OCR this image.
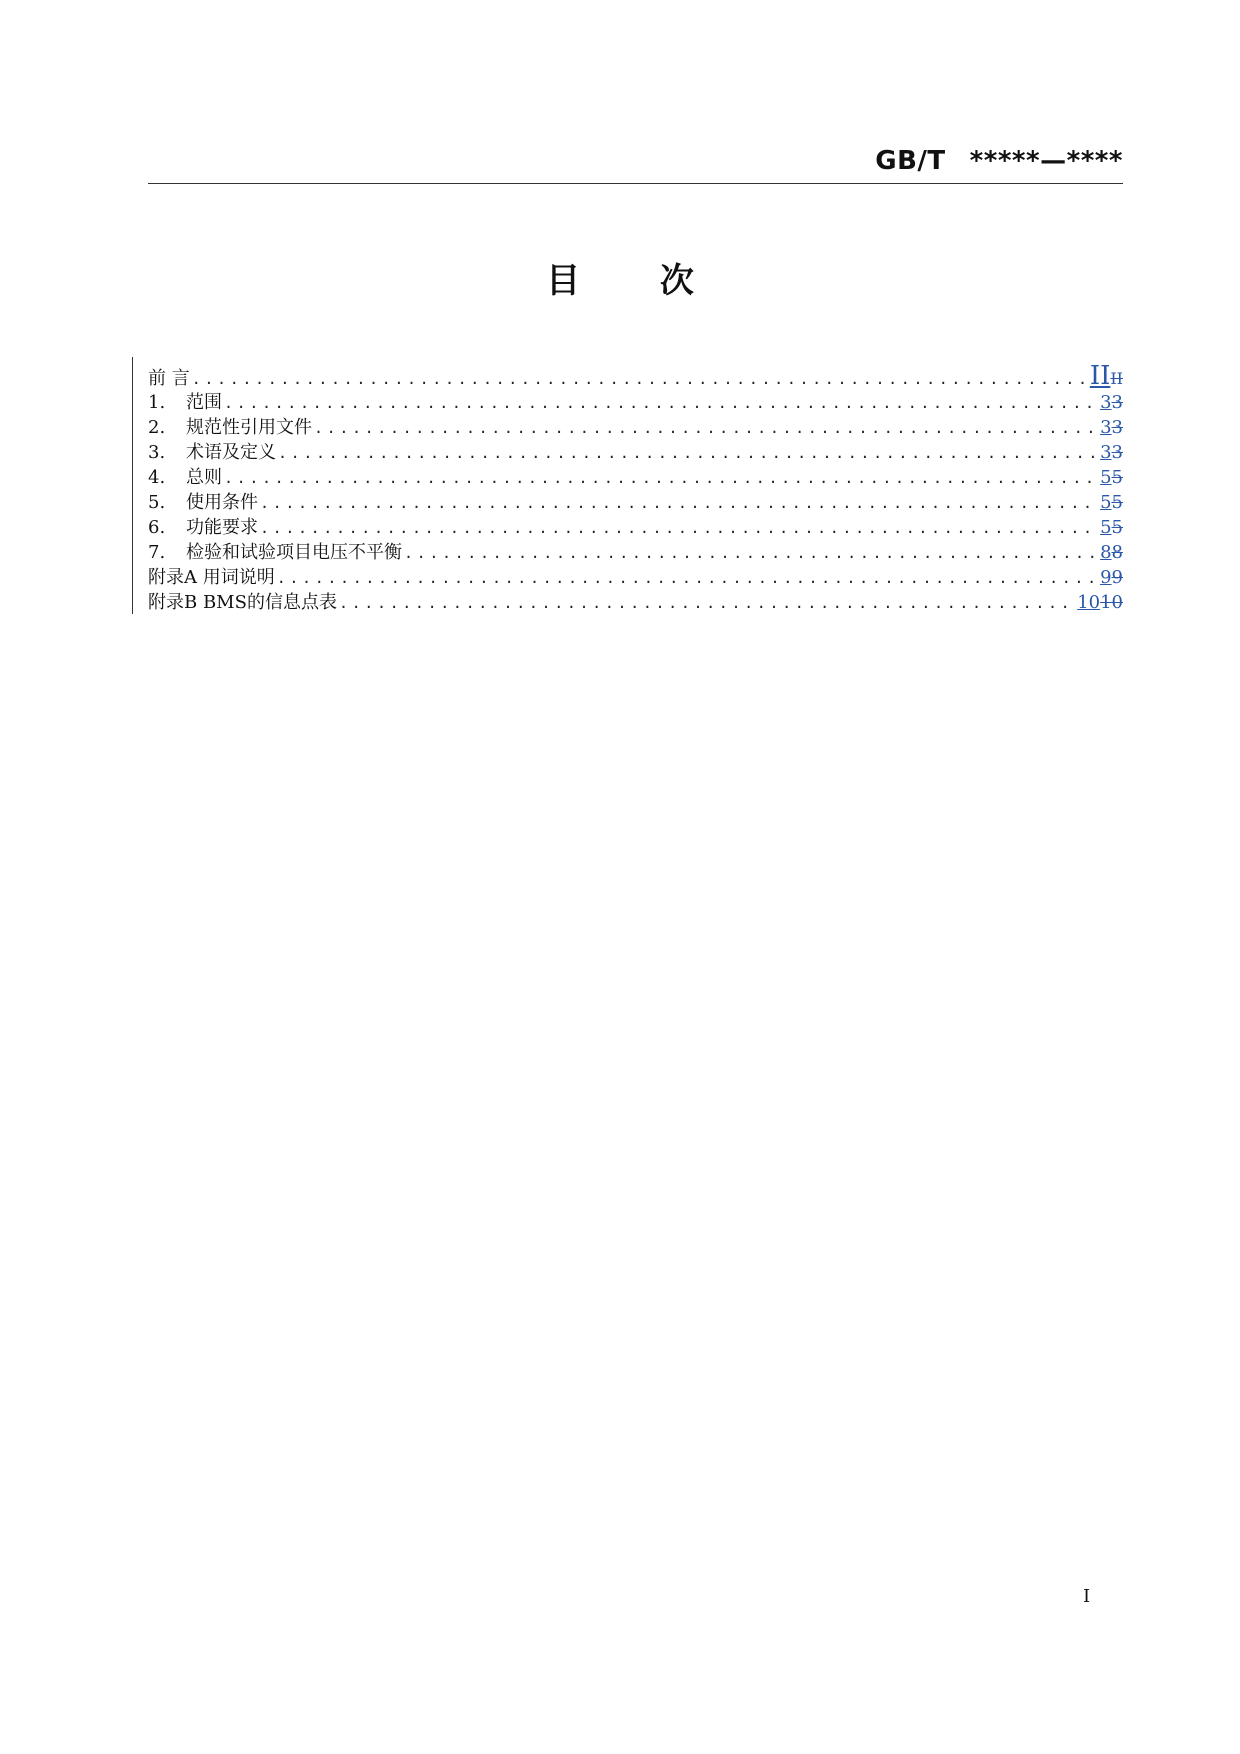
GB/T *****—****
目 次
前 言 . . .	IIII
1.	范围 . . .	33
2.	规范性引用文件 . . .	33
3.	术语及定义 . . .	33
4.	总则 . . .	55
5.	使用条件 . . .	55
6.	功能要求 . . .	55
7.	检验和试验项目电压不平衡 . . .	88
附录A 用词说明 . . .	99
附录B BMS的信息点表 . . .	1010
I
